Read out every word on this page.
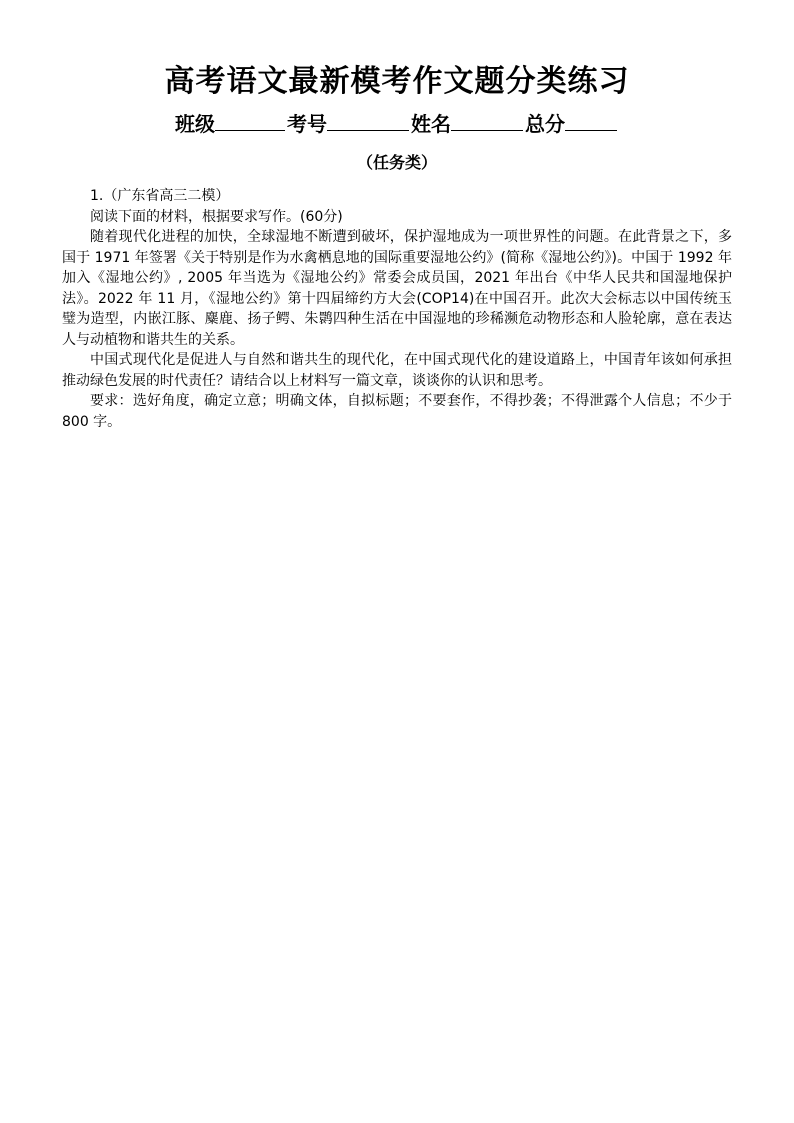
高考语文最新模考作文题分类练习
班级	考号	姓名	总分
（任务类）

1.（广东省高三二模）

阅读下面的材料，根据要求写作。(60分)

随着现代化进程的加快，全球湿地不断遭到破坏，保护湿地成为一项世界性的问题。在此背景之下，多国于 1971 年签署《关于特别是作为水禽栖息地的国际重要湿地公约》(简称《湿地公约》)。中国于 1992 年加入《湿地公约》, 2005 年当选为《湿地公约》常委会成员国，2021 年出台《中华人民共和国湿地保护法》。2022 年 11 月，《湿地公约》第十四届缔约方大会(COP14)在中国召开。此次大会标志以中国传统玉璧为造型，内嵌江豚、麋鹿、扬子鳄、朱鹮四种生活在中国湿地的珍稀濒危动物形态和人脸轮廓，意在表达人与动植物和谐共生的关系。

中国式现代化是促进人与自然和谐共生的现代化，在中国式现代化的建设道路上，中国青年该如何承担推动绿色发展的时代责任？请结合以上材料写一篇文章，谈谈你的认识和思考。

要求：选好角度，确定立意；明确文体，自拟标题；不要套作，不得抄袭；不得泄露个人信息；不少于 800 字。
